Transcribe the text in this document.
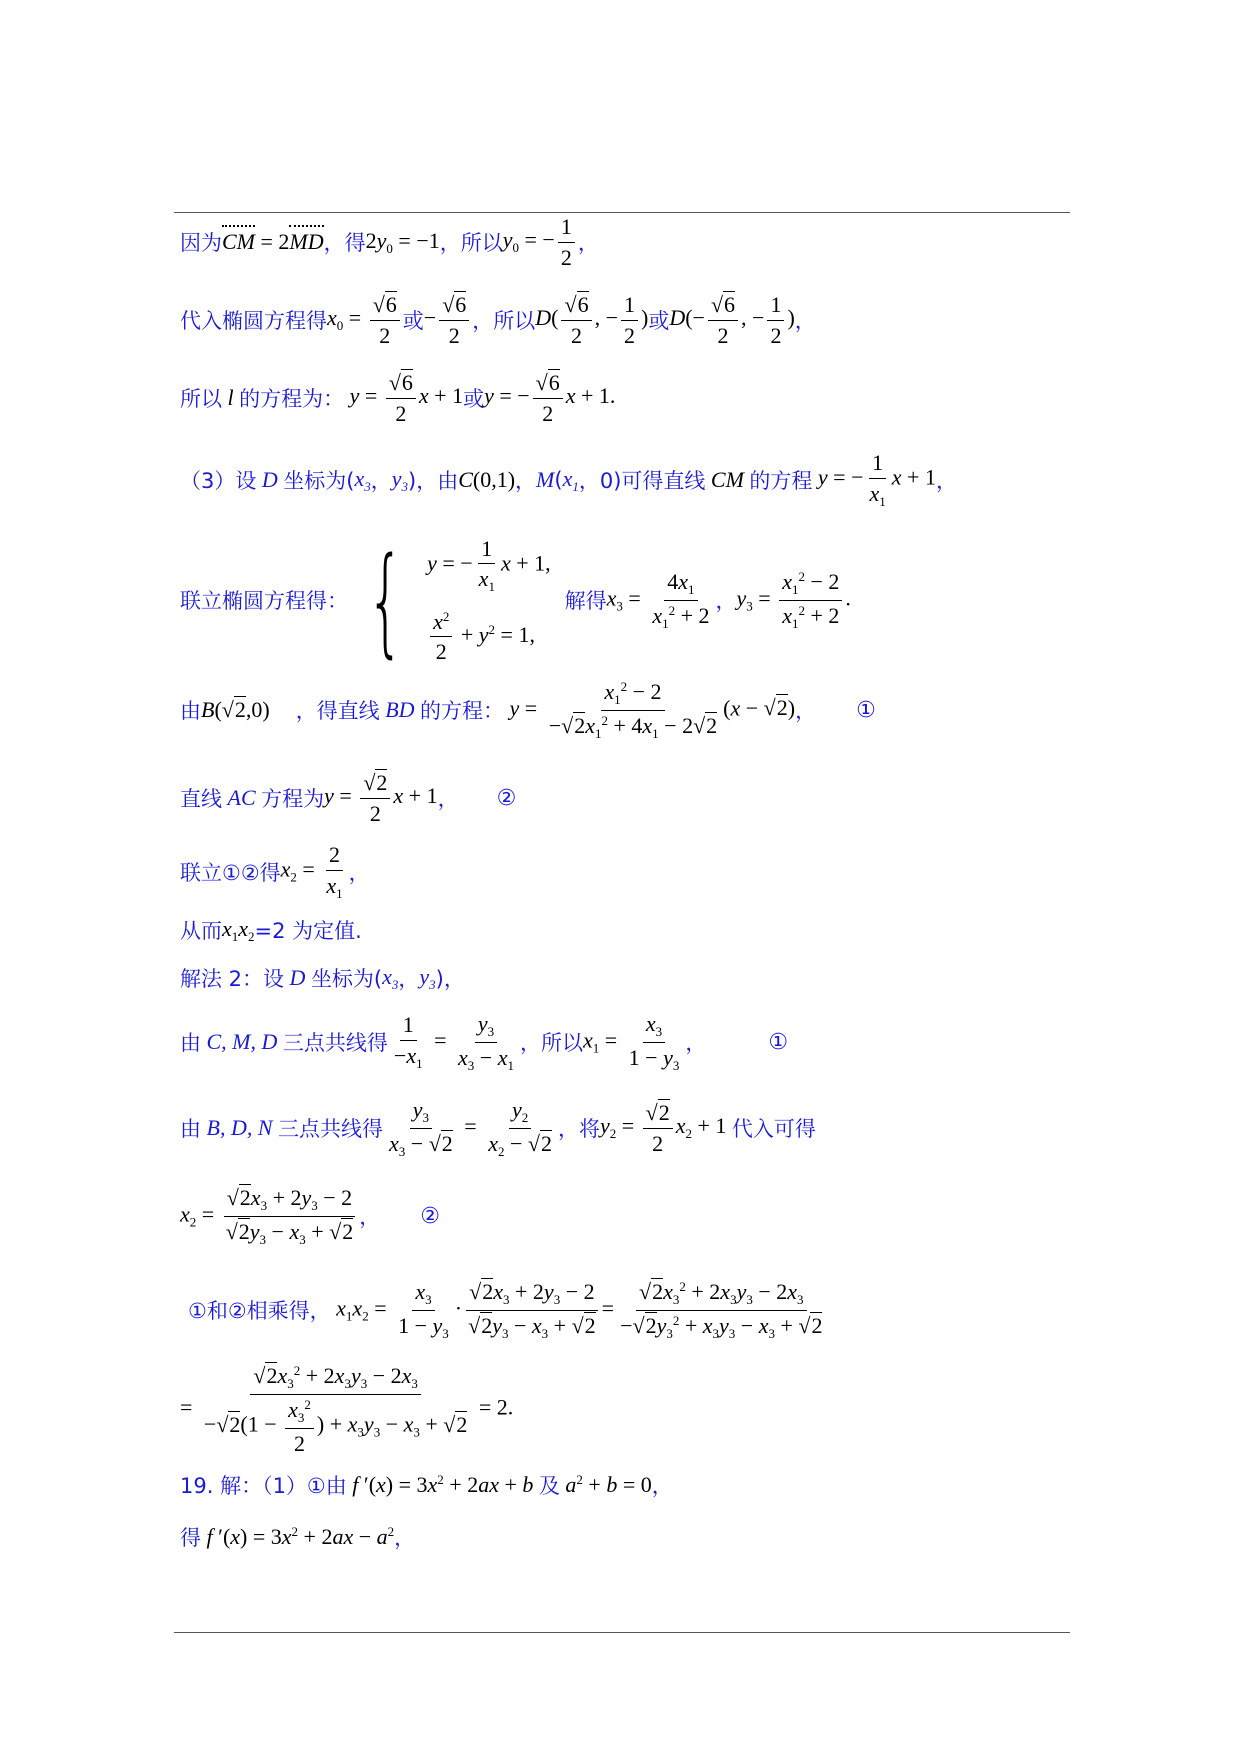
因为 CM = 2MD ，得 $2y_0 = -1$ ，所以 $y_0$ = − $\frac{1}{2}$ ，
代入椭圆方程得 $x_0 = \frac{√6}{2}$ 或 − $\frac{√6}{2}$ ，所以 $D( \frac{√6}{2}$ , − $\frac{1}{2}$ ) 或 $D(- \frac{√6}{2}$ , − $\frac{1}{2}$ ) ，
所以 l 的方程为： $y = \frac{√6}{2}$ x + 1 或 y = − $\frac{√6}{2}$ x + 1.
（3）设 D 坐标为( $x_3$ ， $y_3$ )，由 C(0,1) ， M ( $x_1$ ，0)可得直线 CM 的方程 y = − $\frac{1}{x_1}$ x + 1 ，
联立椭圆方程得： { y = − $\frac{1}{x_1}$ x + 1,
$\frac{x^2}{2} + y^2 = 1$,
解得 $x_3 = \frac{4x_1}{x_1^2 + 2}$ ， $y_3 = \frac{x_1^2 - 2}{x_1^2 + 2}$ .
由 B(√2,0) ，得直线 BD 的方程： $y = \frac{x_1^2 - 2}{-√2x_1^2 + 4x_1 - 2√2} (x - √2)$ ， ①
直线 AC 方程为 $y = \frac{√2}{2}$ x + 1 ， ②
联立①②得 $x_2 = \frac{2}{x_1}$ ，
从而 $x_1x_2 =2$ 为定值.
解法 2：设 D 坐标为( $x_3$ ， $y_3$ )，
由 C, M, D 三点共线得 $\frac{1}{-x_1} = \frac{y_3}{x_3 - x_1}$ ，所以 $x_1 = \frac{x_3}{1 - y_3}$ ，	①
由 B, D, N 三点共线得 $\frac{y_3}{x_3 - √2} = \frac{y_2}{x_2 - √2}$ ，将 $y_2 = \frac{√2}{2} x_2 + 1$ 代入可得
$x_2 = \frac{√2x_3 + 2y_3 - 2}{√2y_3 - x_3 + √2}$ ， ②
①和②相乘得， $x_1x_2 = \frac{x_3}{1 - y_3} \cdot \frac{√2x_3 + 2y_3 - 2}{√2y_3 - x_3 + √2} = \frac{√2x_3^2 + 2x_3y_3 - 2x_3}{-√2y_3^2 + x_3y_3 - x_3 + √2}$
= $\frac{√2x_3^2 + 2x_3y_3 - 2x_3}{-√2(1 - \frac{x_3^2}{2} ) + x_3y_3 - x_3 + √2} = 2$.
19. 解：（1）①由 f $'(x) = 3x^2 + 2ax + b$ 及 $a^2 + b = 0$ ，
得 f $'(x) = 3x^2 + 2ax - a^2$ ，
